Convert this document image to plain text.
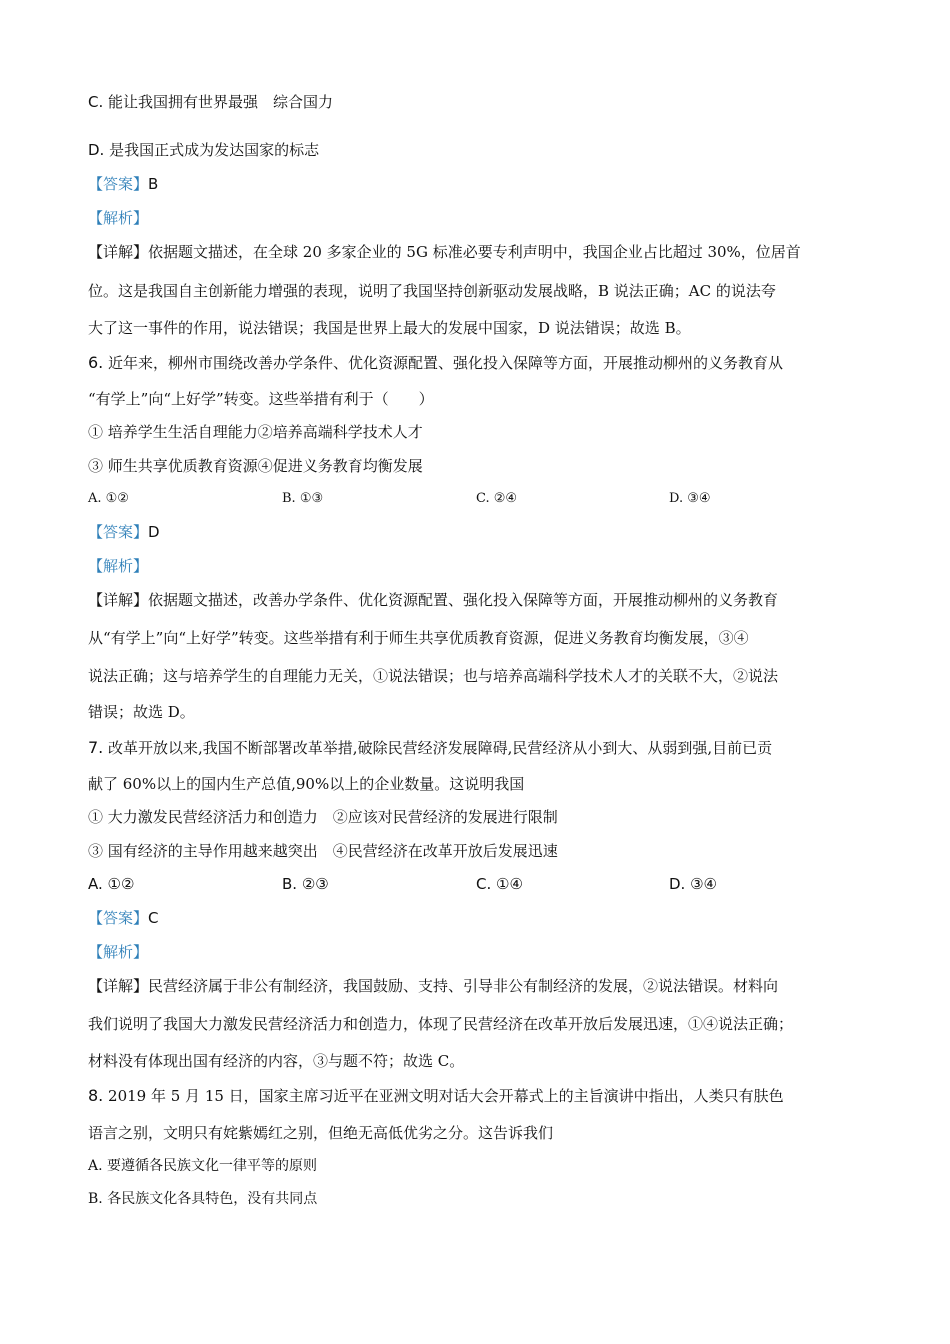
C. 能让我国拥有世界最强　综合国力
D. 是我国正式成为发达国家的标志
【答案】B
【解析】
【详解】依据题文描述，在全球 20 多家企业的 5G 标准必要专利声明中，我国企业占比超过 30%，位居首
位。这是我国自主创新能力增强的表现，说明了我国坚持创新驱动发展战略，B 说法正确；AC 的说法夸
大了这一事件的作用，说法错误；我国是世界上最大的发展中国家，D 说法错误；故选 B。
6. 近年来，柳州市围绕改善办学条件、优化资源配置、强化投入保障等方面，开展推动柳州的义务教育从
“有学上”向“上好学”转变。这些举措有利于（　　）
① 培养学生生活自理能力②培养高端科学技术人才
③ 师生共享优质教育资源④促进义务教育均衡发展
A. ①②	B. ①③	C. ②④	D. ③④
【答案】D
【解析】
【详解】依据题文描述，改善办学条件、优化资源配置、强化投入保障等方面，开展推动柳州的义务教育
从“有学上”向“上好学”转变。这些举措有利于师生共享优质教育资源，促进义务教育均衡发展，③④
说法正确；这与培养学生的自理能力无关，①说法错误；也与培养高端科学技术人才的关联不大，②说法
错误；故选 D。
7. 改革开放以来,我国不断部署改革举措,破除民营经济发展障碍,民营经济从小到大、从弱到强,目前已贡
献了 60%以上的国内生产总值,90%以上的企业数量。这说明我国
① 大力激发民营经济活力和创造力　②应该对民营经济的发展进行限制
③ 国有经济的主导作用越来越突出　④民营经济在改革开放后发展迅速
A. ①②	B. ②③	C. ①④	D. ③④
【答案】C
【解析】
【详解】民营经济属于非公有制经济，我国鼓励、支持、引导非公有制经济的发展，②说法错误。材料向
我们说明了我国大力激发民营经济活力和创造力，体现了民营经济在改革开放后发展迅速，①④说法正确；
材料没有体现出国有经济的内容，③与题不符；故选 C。
8. 2019 年 5 月 15 日，国家主席习近平在亚洲文明对话大会开幕式上的主旨演讲中指出，人类只有肤色
语言之别，文明只有姹紫嫣红之别，但绝无高低优劣之分。这告诉我们
A. 要遵循各民族文化一律平等的原则
B. 各民族文化各具特色，没有共同点
